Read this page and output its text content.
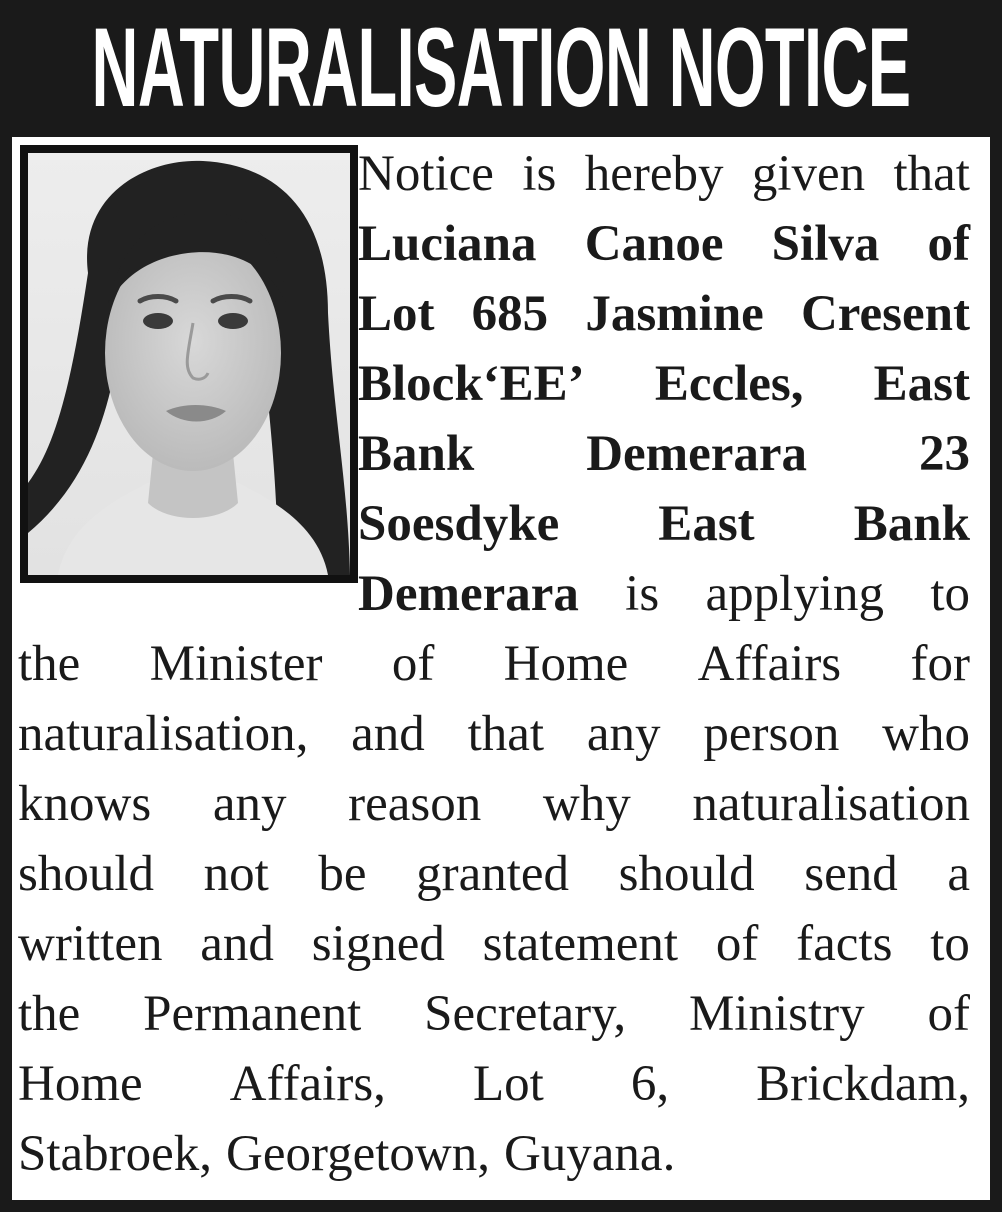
NATURALISATION NOTICE
Notice is hereby given that
Luciana Canoe Silva of
Lot 685 Jasmine Cresent
Block‘EE’ Eccles, East
Bank Demerara 23
Soesdyke East Bank
Demerara is applying to
the Minister of Home Affairs for
naturalisation, and that any person who
knows any reason why naturalisation
should not be granted should send a
written and signed statement of facts to
the Permanent Secretary, Ministry of
Home Affairs, Lot 6, Brickdam,
Stabroek, Georgetown, Guyana.
